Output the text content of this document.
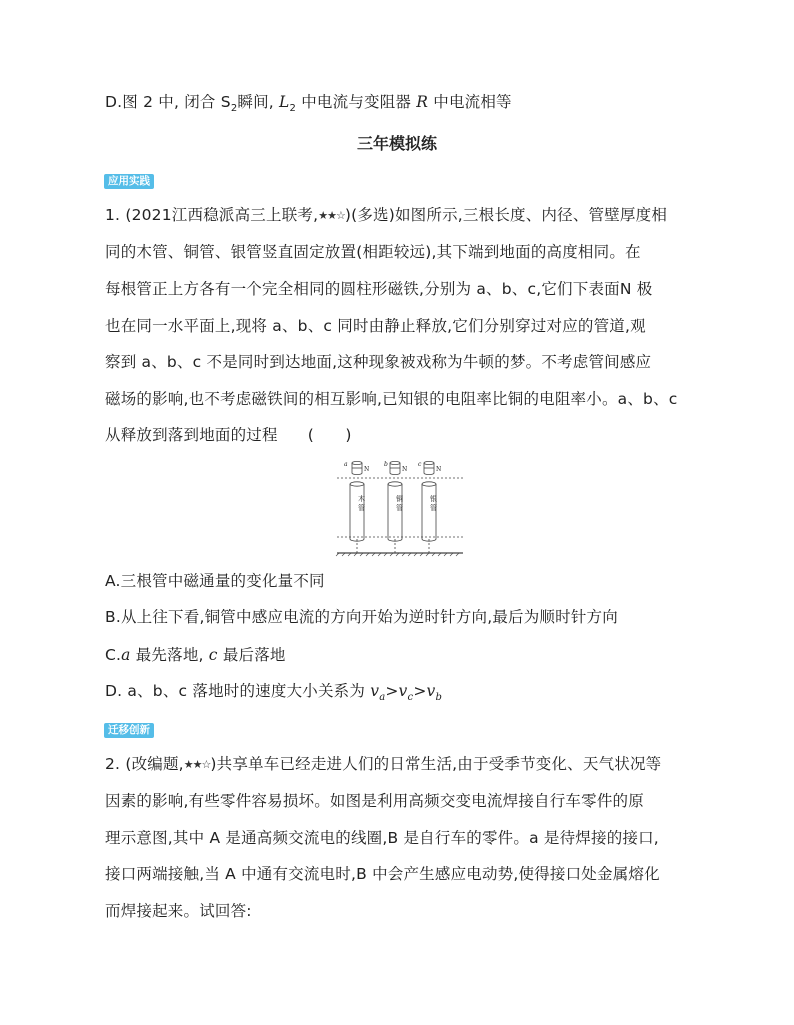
D.图 2 中, 闭合 $S_2$瞬间, $L_2$ 中电流与变阻器 R 中电流相等
三年模拟练
应用实践
1. (2021江西稳派高三上联考,★★☆)(多选)如图所示,三根长度、内径、管壁厚度相
同的木管、铜管、银管竖直固定放置(相距较远),其下端到地面的高度相同。在
每根管正上方各有一个完全相同的圆柱形磁铁,分别为 a、b、c,它们下表面N 极
也在同一水平面上,现将 a、b、c 同时由静止释放,它们分别穿过对应的管道,观
察到 a、b、c 不是同时到达地面,这种现象被戏称为牛顿的梦。不考虑管间感应
磁场的影响,也不考虑磁铁间的相互影响,已知银的电阻率比铜的电阻率小。a、b、c
从释放到落到地面的过程 (　　)
a
N
b
N
c
N
木
管
铜
管
银
管
A.三根管中磁通量的变化量不同
B.从上往下看,铜管中感应电流的方向开始为逆时针方向,最后为顺时针方向
C.a 最先落地, c 最后落地
D. a、b、c 落地时的速度大小关系为 $v_a>v_c>v_b$
迁移创新
2. (改编题,★★☆)共享单车已经走进人们的日常生活,由于受季节变化、天气状况等
因素的影响,有些零件容易损坏。如图是利用高频交变电流焊接自行车零件的原
理示意图,其中 A 是通高频交流电的线圈,B 是自行车的零件。a 是待焊接的接口,
接口两端接触,当 A 中通有交流电时,B 中会产生感应电动势,使得接口处金属熔化
而焊接起来。试回答:
